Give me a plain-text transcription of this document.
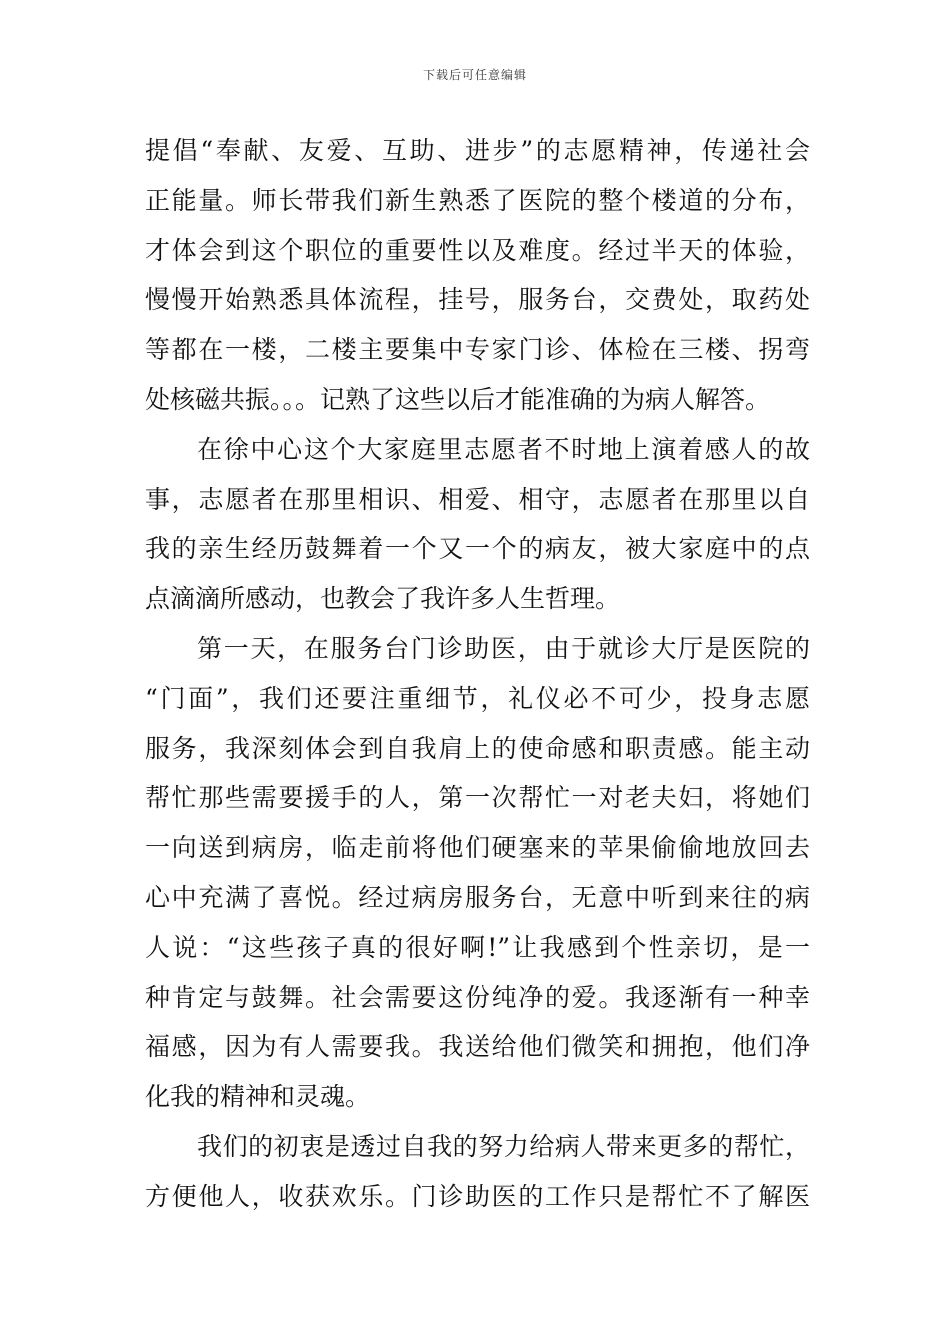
下载后可任意编辑
提倡“奉献、友爱、互助、进步”的志愿精神，传递社会
正能量。师长带我们新生熟悉了医院的整个楼道的分布，
才体会到这个职位的重要性以及难度。经过半天的体验，
慢慢开始熟悉具体流程，挂号，服务台，交费处，取药处
等都在一楼，二楼主要集中专家门诊、体检在三楼、拐弯
处核磁共振。。。记熟了这些以后才能准确的为病人解答。
在徐中心这个大家庭里志愿者不时地上演着感人的故
事，志愿者在那里相识、相爱、相守，志愿者在那里以自
我的亲生经历鼓舞着一个又一个的病友，被大家庭中的点
点滴滴所感动，也教会了我许多人生哲理。
第一天，在服务台门诊助医，由于就诊大厅是医院的
“门面”，我们还要注重细节，礼仪必不可少，投身志愿
服务，我深刻体会到自我肩上的使命感和职责感。能主动
帮忙那些需要援手的人，第一次帮忙一对老夫妇，将她们
一向送到病房，临走前将他们硬塞来的苹果偷偷地放回去
心中充满了喜悦。经过病房服务台，无意中听到来往的病
人说：“这些孩子真的很好啊!”让我感到个性亲切，是一
种肯定与鼓舞。社会需要这份纯净的爱。我逐渐有一种幸
福感，因为有人需要我。我送给他们微笑和拥抱，他们净
化我的精神和灵魂。
我们的初衷是透过自我的努力给病人带来更多的帮忙，
方便他人，收获欢乐。门诊助医的工作只是帮忙不了解医
